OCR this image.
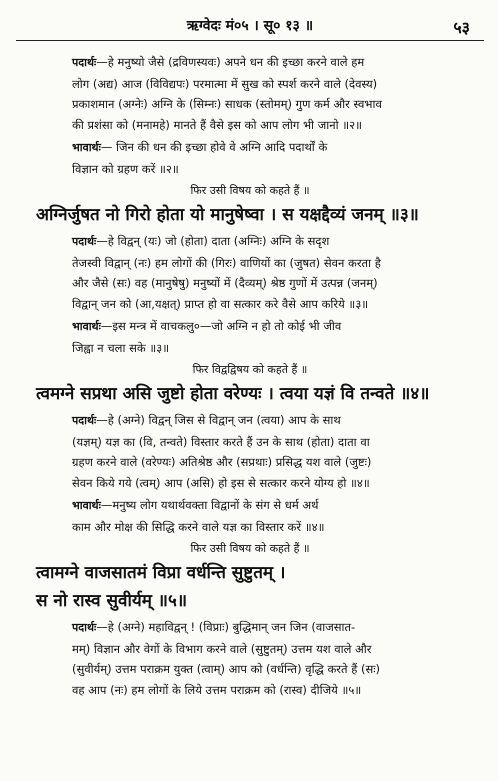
ऋग्वेदः मं०५ । सू० १३ ॥	५३

पदार्थः—हे मनुष्यो जैसे (द्रविणस्यवः) अपने धन की इच्छा करने वाले हम
लोग (अद्य) आज (विविद्यपः) परमात्मा में सुख को स्पर्श करने वाले (देवस्य)
प्रकाशमान (अग्नेः) अग्नि के (सिम्नः) साधक (स्तोमम्) गुण कर्म और स्वभाव
की प्रशंसा को (मनामहे) मानते हैं वैसे इस को आप लोग भी जानो ॥२॥

भावार्थः— जिन की धन की इच्छा होवे वे अग्नि आदि पदार्थों के
विज्ञान को ग्रहण करें ॥२॥

फिर उसी विषय को कहते हैं ॥
अग्निर्जुषत नो गिरो होता यो मानुषेष्वा । स यक्षद्दैव्यं जनम् ॥३॥

पदार्थः—हे विद्वन् (यः) जो (होता) दाता (अग्निः) अग्नि के सदृश
तेजस्वी विद्वान् (नः) हम लोगों की (गिरः) वाणियों का (जुषत) सेवन करता है
और जैसे (सः) वह (मानुषेषु) मनुष्यों में (दैव्यम्) श्रेष्ठ गुणों में उत्पन्न (जनम्)
विद्वान् जन को (आ,यक्षत्) प्राप्त हो वा सत्कार करे वैसे आप करिये ॥३॥

भावार्थः—इस मन्त्र में वाचकलु०—जो अग्नि न हो तो कोई भी जीव
जिह्वा न चला सके ॥३॥

फिर विद्वद्विषय को कहते हैं ॥
त्वमग्ने सप्रथा असि जुष्टो होता वरेण्यः । त्वया यज्ञं वि तन्वते ॥४॥

पदार्थः—हे (अग्ने) विद्वन् जिस से विद्वान् जन (त्वया) आप के साथ
(यज्ञम्) यज्ञ का (वि, तन्वते) विस्तार करते हैं उन के साथ (होता) दाता वा
ग्रहण करने वाले (वरेण्यः) अतिश्रेष्ठ और (सप्रथाः) प्रसिद्ध यश वाले (जुष्टः)
सेवन किये गये (त्वम्) आप (असि) हो इस से सत्कार करने योग्य हो ॥४॥

भावार्थः—मनुष्य लोग यथार्थवक्ता विद्वानों के संग से धर्म अर्थ
काम और मोक्ष की सिद्धि करने वाले यज्ञ का विस्तार करें ॥४॥

फिर उसी विषय को कहते हैं ॥
त्वामग्ने वाजसातमं विप्रा वर्धन्ति सुष्टुतम् ।
स नो रास्व सुवीर्यम् ॥५॥

पदार्थः—हे (अग्ने) महाविद्वन् ! (विप्राः) बुद्धिमान् जन जिन (वाजसात-
मम्) विज्ञान और वेगों के विभाग करने वाले (सुष्टुतम्) उत्तम यश वाले और
(सुवीर्यम्) उत्तम पराक्रम युक्त (त्वाम्) आप को (वर्धन्ति) वृद्धि करते हैं (सः)
वह आप (नः) हम लोगों के लिये उत्तम पराक्रम को (रास्व) दीजिये ॥५॥
